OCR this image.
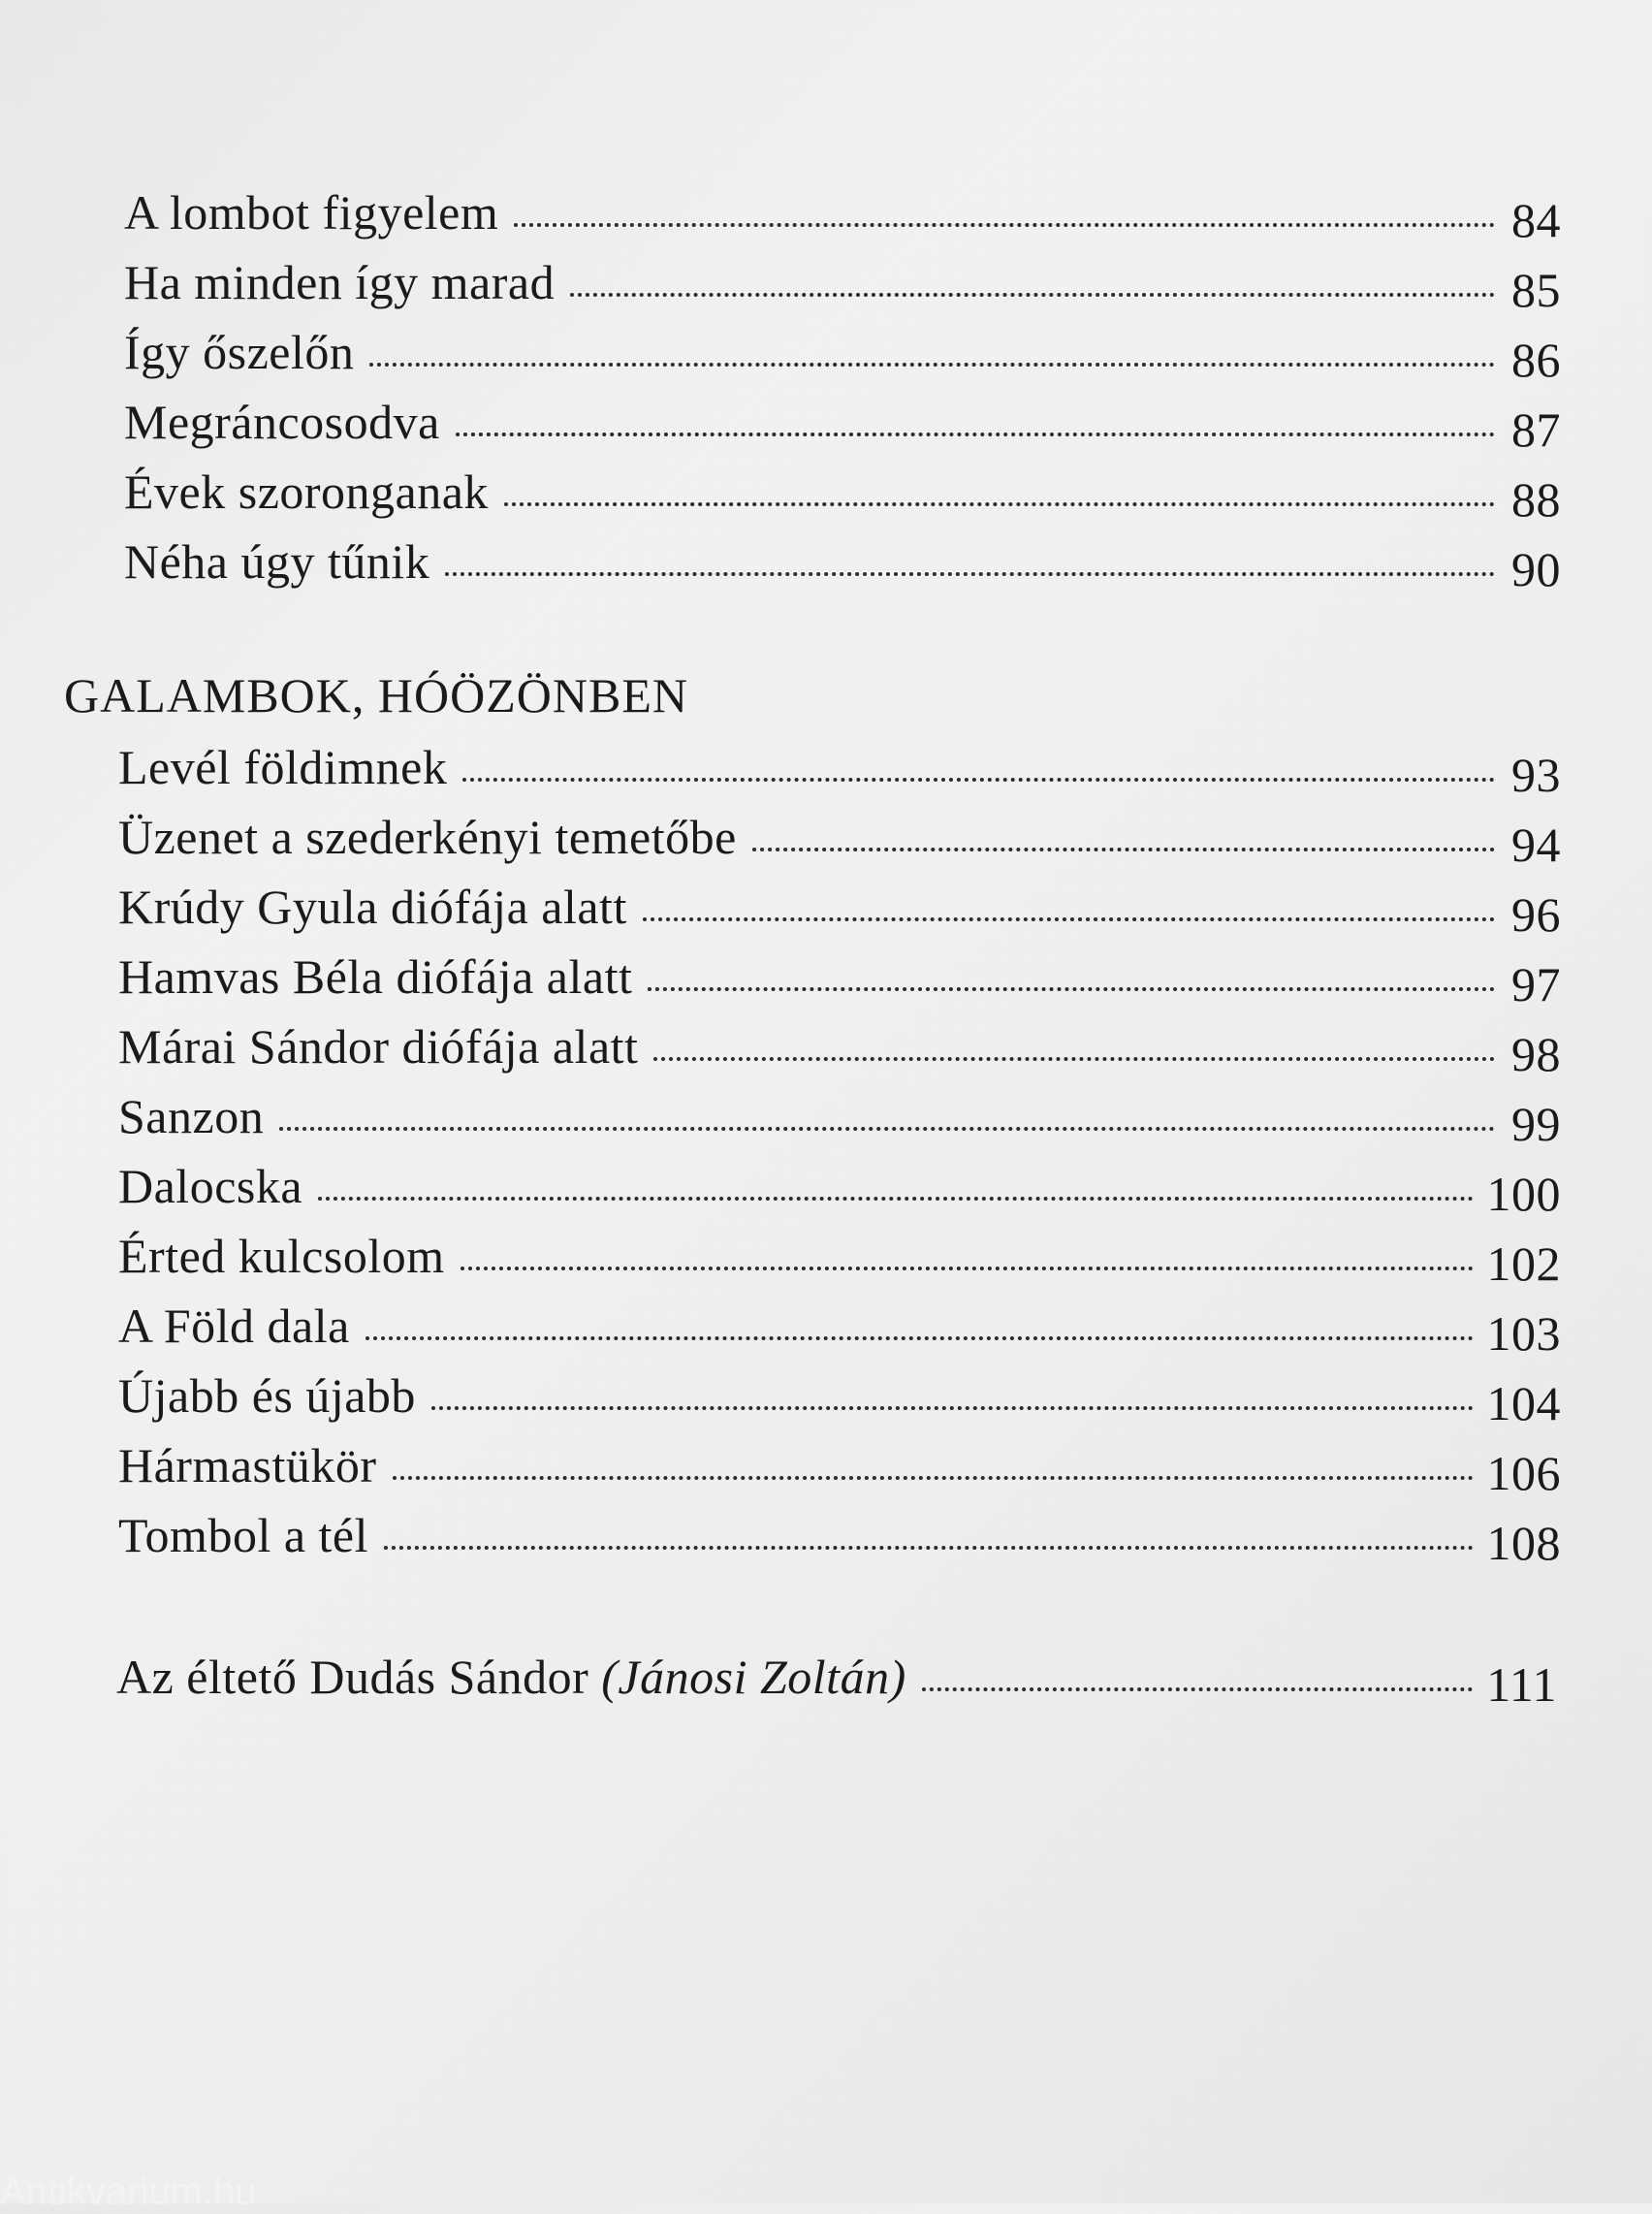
A lombot figyelem	84
Ha minden így marad	85
Így őszelőn	86
Megráncosodva	87
Évek szoronganak	88
Néha úgy tűnik	90
GALAMBOK, HÓÖZÖNBEN
Levél földimnek	93
Üzenet a szederkényi temetőbe	94
Krúdy Gyula diófája alatt	96
Hamvas Béla diófája alatt	97
Márai Sándor diófája alatt	98
Sanzon	99
Dalocska	100
Érted kulcsolom	102
A Föld dala	103
Újabb és újabb	104
Hármastükör	106
Tombol a tél	108
Az éltető Dudás Sándor (Jánosi Zoltán)	111
Antikvarium.hu
